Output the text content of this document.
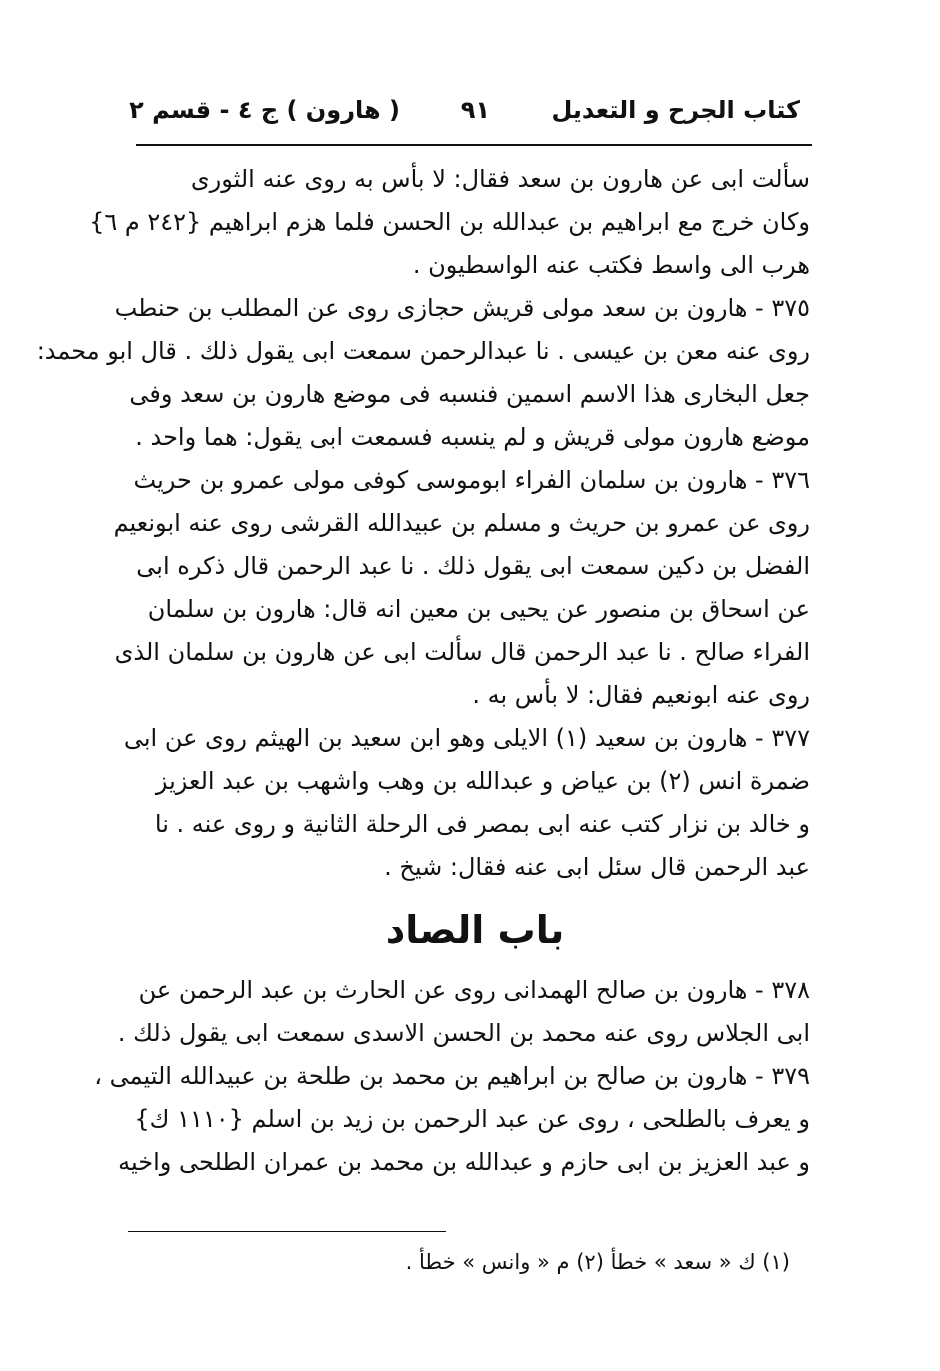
كتاب الجرح و التعديل
٩١
( هارون ) ج ٤ - قسم ٢
سألت ابى عن هارون بن سعد فقال: لا بأس به روى عنه الثورى
وكان خرج مع ابراهيم بن عبدالله بن الحسن فلما هزم ابراهيم {٢٤٢ م ٦}
هرب الى واسط فكتب عنه الواسطيون .
٣٧٥ - هارون بن سعد مولى قريش حجازى روى عن المطلب بن حنطب
روى عنه معن بن عيسى . نا عبدالرحمن سمعت ابى يقول ذلك . قال ابو محمد:
جعل البخارى هذا الاسم اسمين فنسبه فى موضع هارون بن سعد وفى
موضع هارون مولى قريش و لم ينسبه فسمعت ابى يقول: هما واحد .
٣٧٦ - هارون بن سلمان الفراء ابوموسى كوفى مولى عمرو بن حريث
روى عن عمرو بن حريث و مسلم بن عبيدالله القرشى روى عنه ابونعيم
الفضل بن دكين سمعت ابى يقول ذلك . نا عبد الرحمن قال ذكره ابى
عن اسحاق بن منصور عن يحيى بن معين انه قال: هارون بن سلمان
الفراء صالح . نا عبد الرحمن قال سألت ابى عن هارون بن سلمان الذى
روى عنه ابونعيم فقال: لا بأس به .
٣٧٧ - هارون بن سعيد (١) الايلى وهو ابن سعيد بن الهيثم روى عن ابى
ضمرة انس (٢) بن عياض و عبدالله بن وهب واشهب بن عبد العزيز
و خالد بن نزار كتب عنه ابى بمصر فى الرحلة الثانية و روى عنه . نا
عبد الرحمن قال سئل ابى عنه فقال: شيخ .
باب الصاد
٣٧٨ - هارون بن صالح الهمدانى روى عن الحارث بن عبد الرحمن عن
ابى الجلاس روى عنه محمد بن الحسن الاسدى سمعت ابى يقول ذلك .
٣٧٩ - هارون بن صالح بن ابراهيم بن محمد بن طلحة بن عبيدالله التيمى ،
و يعرف بالطلحى ، روى عن عبد الرحمن بن زيد بن اسلم {١١١٠ ك}
و عبد العزيز بن ابى حازم و عبدالله بن محمد بن عمران الطلحى واخيه
(١) ك « سعد » خطأ (٢) م « وانس » خطأ .
